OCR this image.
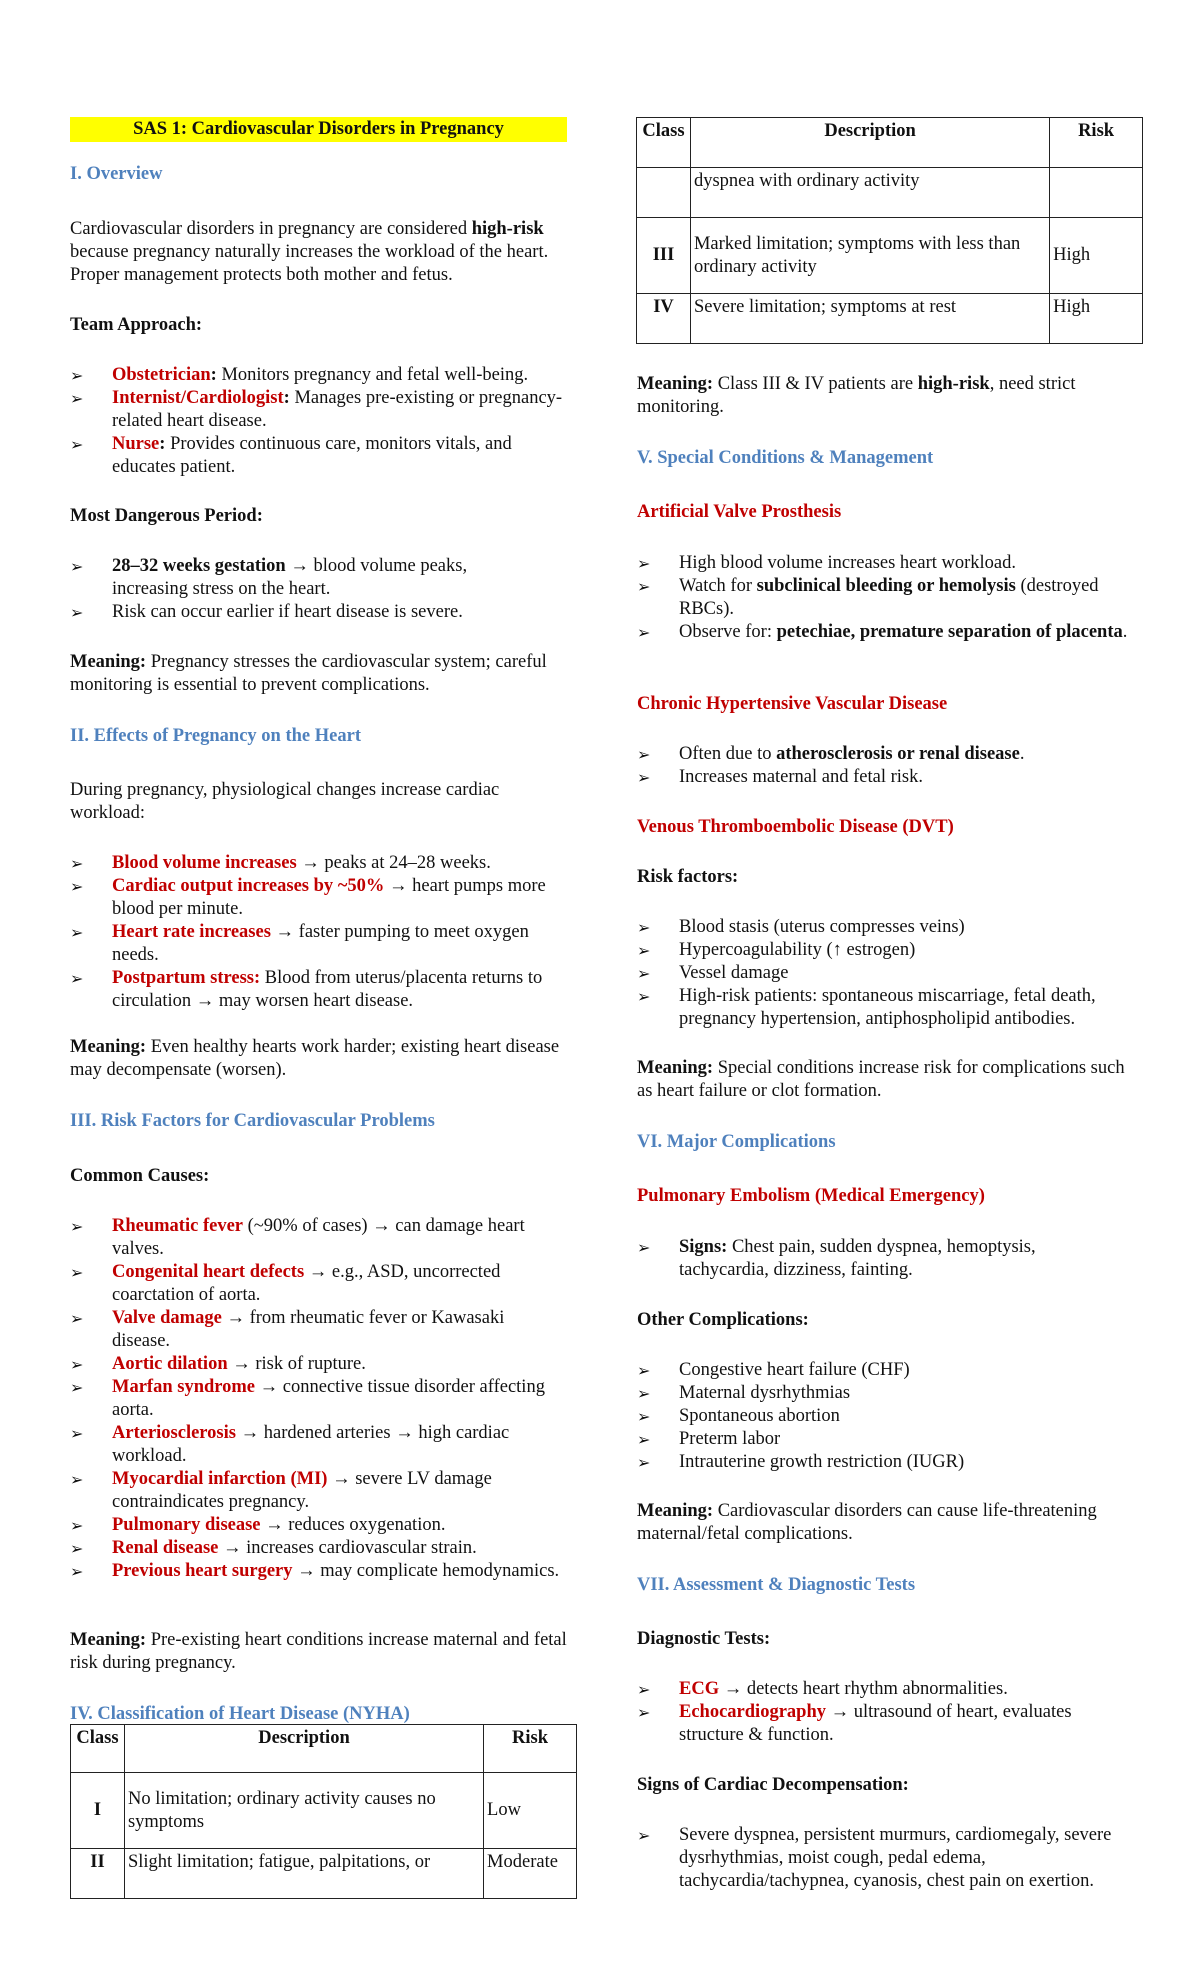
SAS 1: Cardiovascular Disorders in Pregnancy
I. Overview
Cardiovascular disorders in pregnancy are considered high-risk because pregnancy naturally increases the workload of the heart. Proper management protects both mother and fetus.
Team Approach:
➢ Obstetrician: Monitors pregnancy and fetal well-being.
➢ Internist/Cardiologist: Manages pre-existing or pregnancy-related heart disease.
➢ Nurse: Provides continuous care, monitors vitals, and educates patient.
Most Dangerous Period:
➢ 28–32 weeks gestation → blood volume peaks, increasing stress on the heart.
➢ Risk can occur earlier if heart disease is severe.
Meaning: Pregnancy stresses the cardiovascular system; careful monitoring is essential to prevent complications.
II. Effects of Pregnancy on the Heart
During pregnancy, physiological changes increase cardiac workload:
➢ Blood volume increases → peaks at 24–28 weeks.
➢ Cardiac output increases by ~50% → heart pumps more blood per minute.
➢ Heart rate increases → faster pumping to meet oxygen needs.
➢ Postpartum stress: Blood from uterus/placenta returns to circulation → may worsen heart disease.
Meaning: Even healthy hearts work harder; existing heart disease may decompensate (worsen).
III. Risk Factors for Cardiovascular Problems
Common Causes:
➢ Rheumatic fever (~90% of cases) → can damage heart valves.
➢ Congenital heart defects → e.g., ASD, uncorrected coarctation of aorta.
➢ Valve damage → from rheumatic fever or Kawasaki disease.
➢ Aortic dilation → risk of rupture.
➢ Marfan syndrome → connective tissue disorder affecting aorta.
➢ Arteriosclerosis → hardened arteries → high cardiac workload.
➢ Myocardial infarction (MI) → severe LV damage contraindicates pregnancy.
➢ Pulmonary disease → reduces oxygenation.
➢ Renal disease → increases cardiovascular strain.
➢ Previous heart surgery → may complicate hemodynamics.
Meaning: Pre-existing heart conditions increase maternal and fetal risk during pregnancy.
IV. Classification of Heart Disease (NYHA)
Class	Description	Risk
I	No limitation; ordinary activity causes no symptoms	Low
II	Slight limitation; fatigue, palpitations, or	Moderate
Class	Description	Risk
	dyspnea with ordinary activity	
III	Marked limitation; symptoms with less than ordinary activity	High
IV	Severe limitation; symptoms at rest	High
Meaning: Class III & IV patients are high-risk, need strict monitoring.
V. Special Conditions & Management
Artificial Valve Prosthesis
➢ High blood volume increases heart workload.
➢ Watch for subclinical bleeding or hemolysis (destroyed RBCs).
➢ Observe for: petechiae, premature separation of placenta.
Chronic Hypertensive Vascular Disease
➢ Often due to atherosclerosis or renal disease.
➢ Increases maternal and fetal risk.
Venous Thromboembolic Disease (DVT)
Risk factors:
➢ Blood stasis (uterus compresses veins)
➢ Hypercoagulability (↑ estrogen)
➢ Vessel damage
➢ High-risk patients: spontaneous miscarriage, fetal death, pregnancy hypertension, antiphospholipid antibodies.
Meaning: Special conditions increase risk for complications such as heart failure or clot formation.
VI. Major Complications
Pulmonary Embolism (Medical Emergency)
➢ Signs: Chest pain, sudden dyspnea, hemoptysis, tachycardia, dizziness, fainting.
Other Complications:
➢ Congestive heart failure (CHF)
➢ Maternal dysrhythmias
➢ Spontaneous abortion
➢ Preterm labor
➢ Intrauterine growth restriction (IUGR)
Meaning: Cardiovascular disorders can cause life-threatening maternal/fetal complications.
VII. Assessment & Diagnostic Tests
Diagnostic Tests:
➢ ECG → detects heart rhythm abnormalities.
➢ Echocardiography → ultrasound of heart, evaluates structure & function.
Signs of Cardiac Decompensation:
➢ Severe dyspnea, persistent murmurs, cardiomegaly, severe dysrhythmias, moist cough, pedal edema, tachycardia/tachypnea, cyanosis, chest pain on exertion.
